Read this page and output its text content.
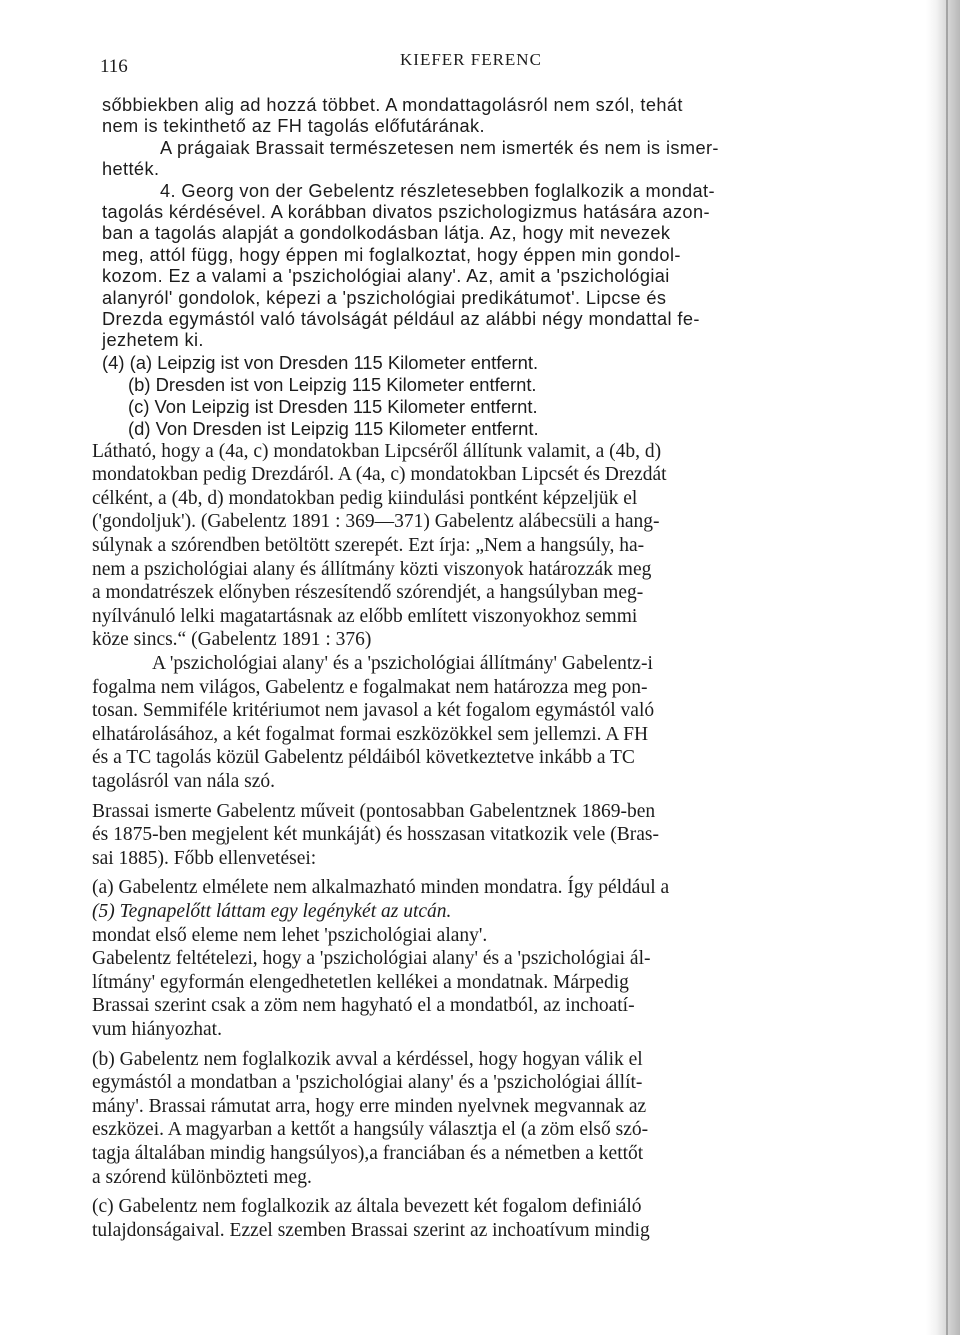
116	KIEFER FERENC
sőbbiekben alig ad hozzá többet. A mondattagolásról nem szól, tehát
nem is tekinthető az FH tagolás előfutárának.
A prágaiak Brassait természetesen nem ismerték és nem is ismer-
hették.
4. Georg von der Gebelentz részletesebben foglalkozik a mondat-
tagolás kérdésével. A korábban divatos pszichologizmus hatására azon-
ban a tagolás alapját a gondolkodásban látja. Az, hogy mit nevezek
meg, attól függ, hogy éppen mi foglalkoztat, hogy éppen min gondol-
kozom. Ez a valami a 'pszichológiai alany'. Az, amit a 'pszichológiai
alanyról' gondolok, képezi a 'pszichológiai predikátumot'. Lipcse és
Drezda egymástól való távolságát például az alábbi négy mondattal fe-
jezhetem ki.
(4) (a) Leipzig ist von Dresden 115 Kilometer entfernt.
(b) Dresden ist von Leipzig 115 Kilometer entfernt.
(c) Von Leipzig ist Dresden 115 Kilometer entfernt.
(d) Von Dresden ist Leipzig 115 Kilometer entfernt.
Látható, hogy a (4a, c) mondatokban Lipcséről állítunk valamit, a (4b, d)
mondatokban pedig Drezdáról. A (4a, c) mondatokban Lipcsét és Drezdát
célként, a (4b, d) mondatokban pedig kiindulási pontként képzeljük el
('gondoljuk'). (Gabelentz 1891 : 369—371) Gabelentz alábecsüli a hang-
súlynak a szórendben betöltött szerepét. Ezt írja: „Nem a hangsúly, ha-
nem a pszichológiai alany és állítmány közti viszonyok határozzák meg
a mondatrészek előnyben részesítendő szórendjét, a hangsúlyban meg-
nyílvánuló lelki magatartásnak az előbb említett viszonyokhoz semmi
köze sincs.“ (Gabelentz 1891 : 376)
A 'pszichológiai alany' és a 'pszichológiai állítmány' Gabelentz-i
fogalma nem világos, Gabelentz e fogalmakat nem határozza meg pon-
tosan. Semmiféle kritériumot nem javasol a két fogalom egymástól való
elhatárolásához, a két fogalmat formai eszközökkel sem jellemzi. A FH
és a TC tagolás közül Gabelentz példáiból következtetve inkább a TC
tagolásról van nála szó.
Brassai ismerte Gabelentz műveit (pontosabban Gabelentznek 1869-ben
és 1875-ben megjelent két munkáját) és hosszasan vitatkozik vele (Bras-
sai 1885). Főbb ellenvetései:
(a) Gabelentz elmélete nem alkalmazható minden mondatra. Így például a
(5) Tegnapelőtt láttam egy legénykét az utcán.
mondat első eleme nem lehet 'pszichológiai alany'.
Gabelentz feltételezi, hogy a 'pszichológiai alany' és a 'pszichológiai ál-
lítmány' egyformán elengedhetetlen kellékei a mondatnak. Márpedig
Brassai szerint csak a zöm nem hagyható el a mondatból, az inchoatí-
vum hiányozhat.
(b) Gabelentz nem foglalkozik avval a kérdéssel, hogy hogyan válik el
egymástól a mondatban a 'pszichológiai alany' és a 'pszichológiai állít-
mány'. Brassai rámutat arra, hogy erre minden nyelvnek megvannak az
eszközei. A magyarban a kettőt a hangsúly választja el (a zöm első szó-
tagja általában mindig hangsúlyos),a franciában és a németben a kettőt
a szórend különbözteti meg.
(c) Gabelentz nem foglalkozik az általa bevezett két fogalom definiáló
tulajdonságaival. Ezzel szemben Brassai szerint az inchoatívum mindig
